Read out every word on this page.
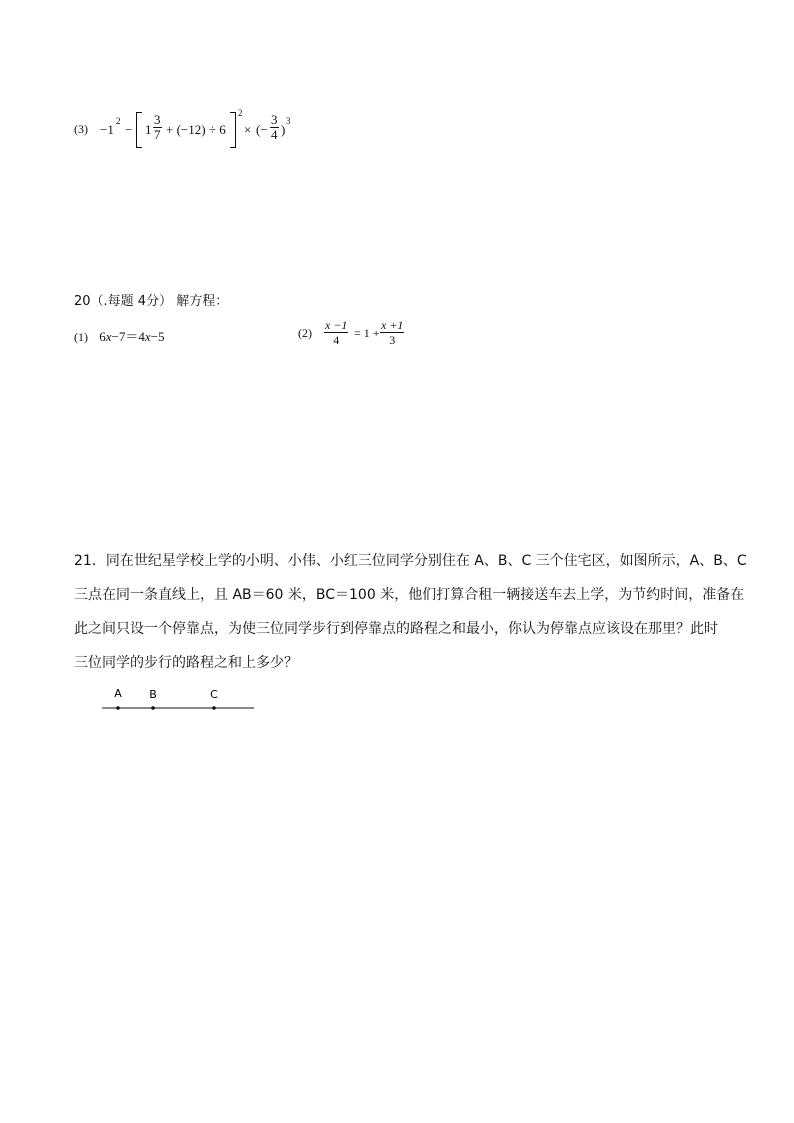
(3) −1
2
− $1 \frac{3}{7} + (-12) \div 6$
2
× (− $\frac{3}{4}$ )
3
20（.每题 4分） 解方程：
(1) 6x−7＝4x−5	$(2) \frac{x -1}{4} = 1 + \frac{x +1}{3}$
21．同在世纪星学校上学的小明、小伟、小红三位同学分别住在 A、B、C 三个住宅区，如图所示，A、B、C
三点在同一条直线上，且 AB＝60 米，BC＝100 米，他们打算合租一辆接送车去上学，为节约时间，准备在
此之间只设一个停靠点，为使三位同学步行到停靠点的路程之和最小，你认为停靠点应该设在那里？此时
三位同学的步行的路程之和上多少？
A B	C
